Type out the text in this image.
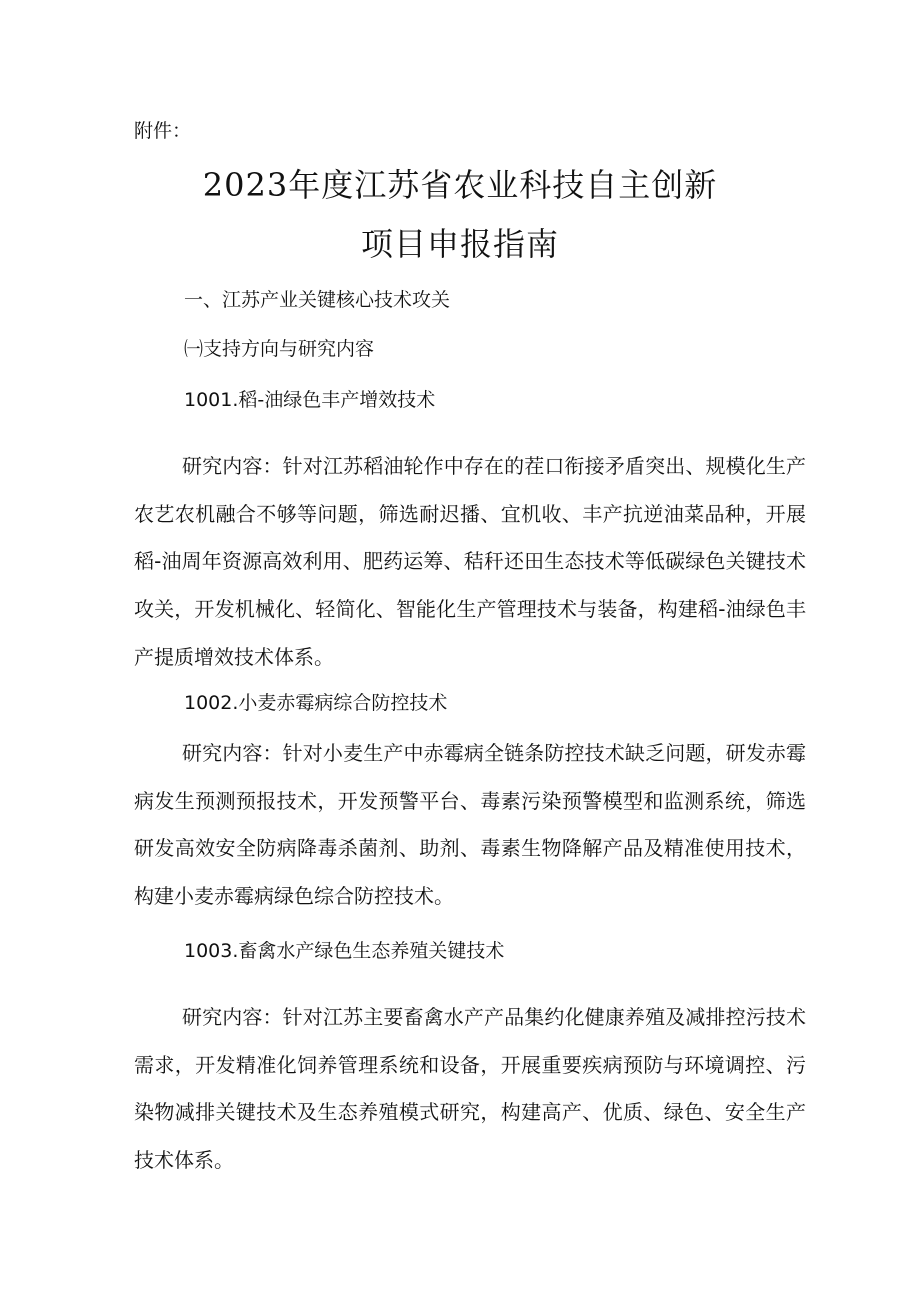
附件：

2023年度江苏省农业科技自主创新
项目申报指南
一、江苏产业关键核心技术攻关
㈠支持方向与研究内容
1001.稻-油绿色丰产增效技术

研究内容：针对江苏稻油轮作中存在的茬口衔接矛盾突出、规模化生产农艺农机融合不够等问题，筛选耐迟播、宜机收、丰产抗逆油菜品种，开展稻-油周年资源高效利用、肥药运筹、秸秆还田生态技术等低碳绿色关键技术攻关，开发机械化、轻简化、智能化生产管理技术与装备，构建稻-油绿色丰产提质增效技术体系。

1002.小麦赤霉病综合防控技术

研究内容：针对小麦生产中赤霉病全链条防控技术缺乏问题，研发赤霉病发生预测预报技术，开发预警平台、毒素污染预警模型和监测系统，筛选研发高效安全防病降毒杀菌剂、助剂、毒素生物降解产品及精准使用技术，构建小麦赤霉病绿色综合防控技术。

1003.畜禽水产绿色生态养殖关键技术

研究内容：针对江苏主要畜禽水产产品集约化健康养殖及减排控污技术需求，开发精准化饲养管理系统和设备，开展重要疾病预防与环境调控、污染物减排关键技术及生态养殖模式研究，构建高产、优质、绿色、安全生产技术体系。
